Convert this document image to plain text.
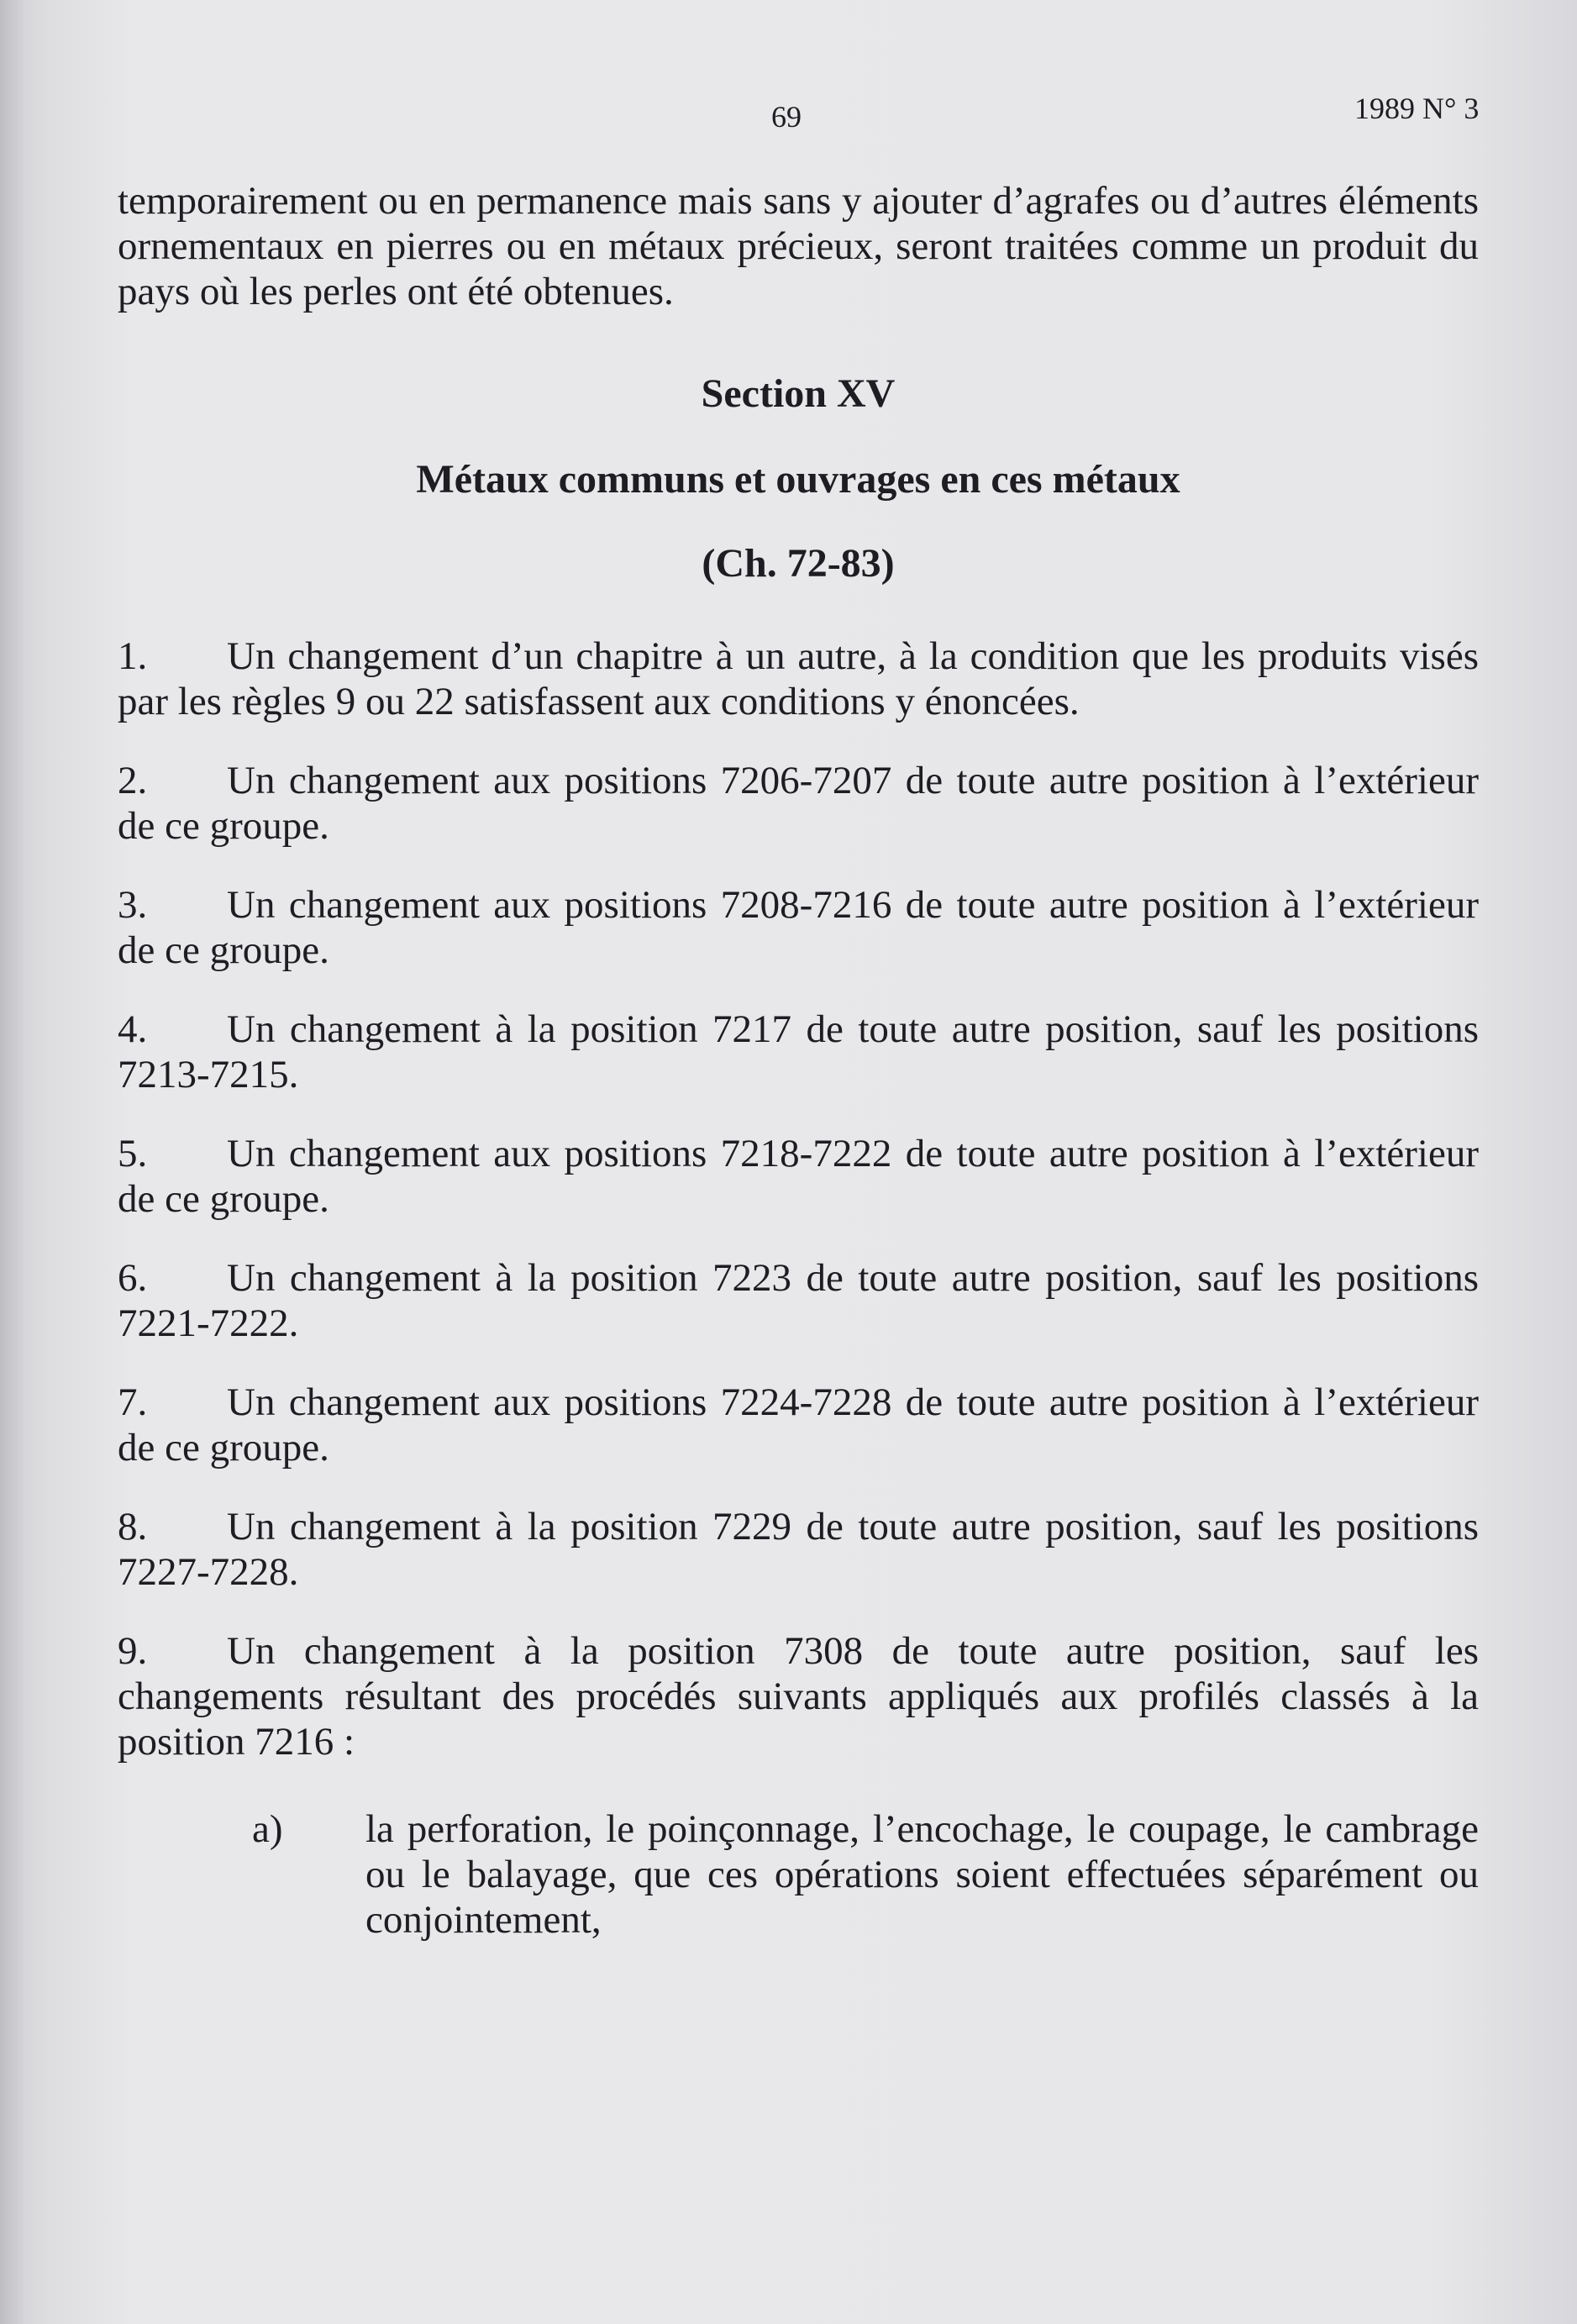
69	1989 N° 3

temporairement ou en permanence mais sans y ajouter d’agrafes ou d’autres éléments ornementaux en pierres ou en métaux précieux, seront traitées comme un produit du pays où les perles ont été obtenues.

Section XV

Métaux communs et ouvrages en ces métaux

(Ch. 72-83)

1. Un changement d’un chapitre à un autre, à la condition que les produits visés par les règles 9 ou 22 satisfassent aux conditions y énoncées.

2. Un changement aux positions 7206-7207 de toute autre position à l’extérieur de ce groupe.

3. Un changement aux positions 7208-7216 de toute autre position à l’extérieur de ce groupe.

4. Un changement à la position 7217 de toute autre position, sauf les positions 7213-7215.

5. Un changement aux positions 7218-7222 de toute autre position à l’extérieur de ce groupe.

6. Un changement à la position 7223 de toute autre position, sauf les positions 7221-7222.

7. Un changement aux positions 7224-7228 de toute autre position à l’extérieur de ce groupe.

8. Un changement à la position 7229 de toute autre position, sauf les positions 7227-7228.

9. Un changement à la position 7308 de toute autre position, sauf les changements résultant des procédés suivants appliqués aux profilés classés à la position 7216 :

a) la perforation, le poinçonnage, l’encochage, le coupage, le cambrage ou le balayage, que ces opérations soient effectuées séparément ou conjointement,
